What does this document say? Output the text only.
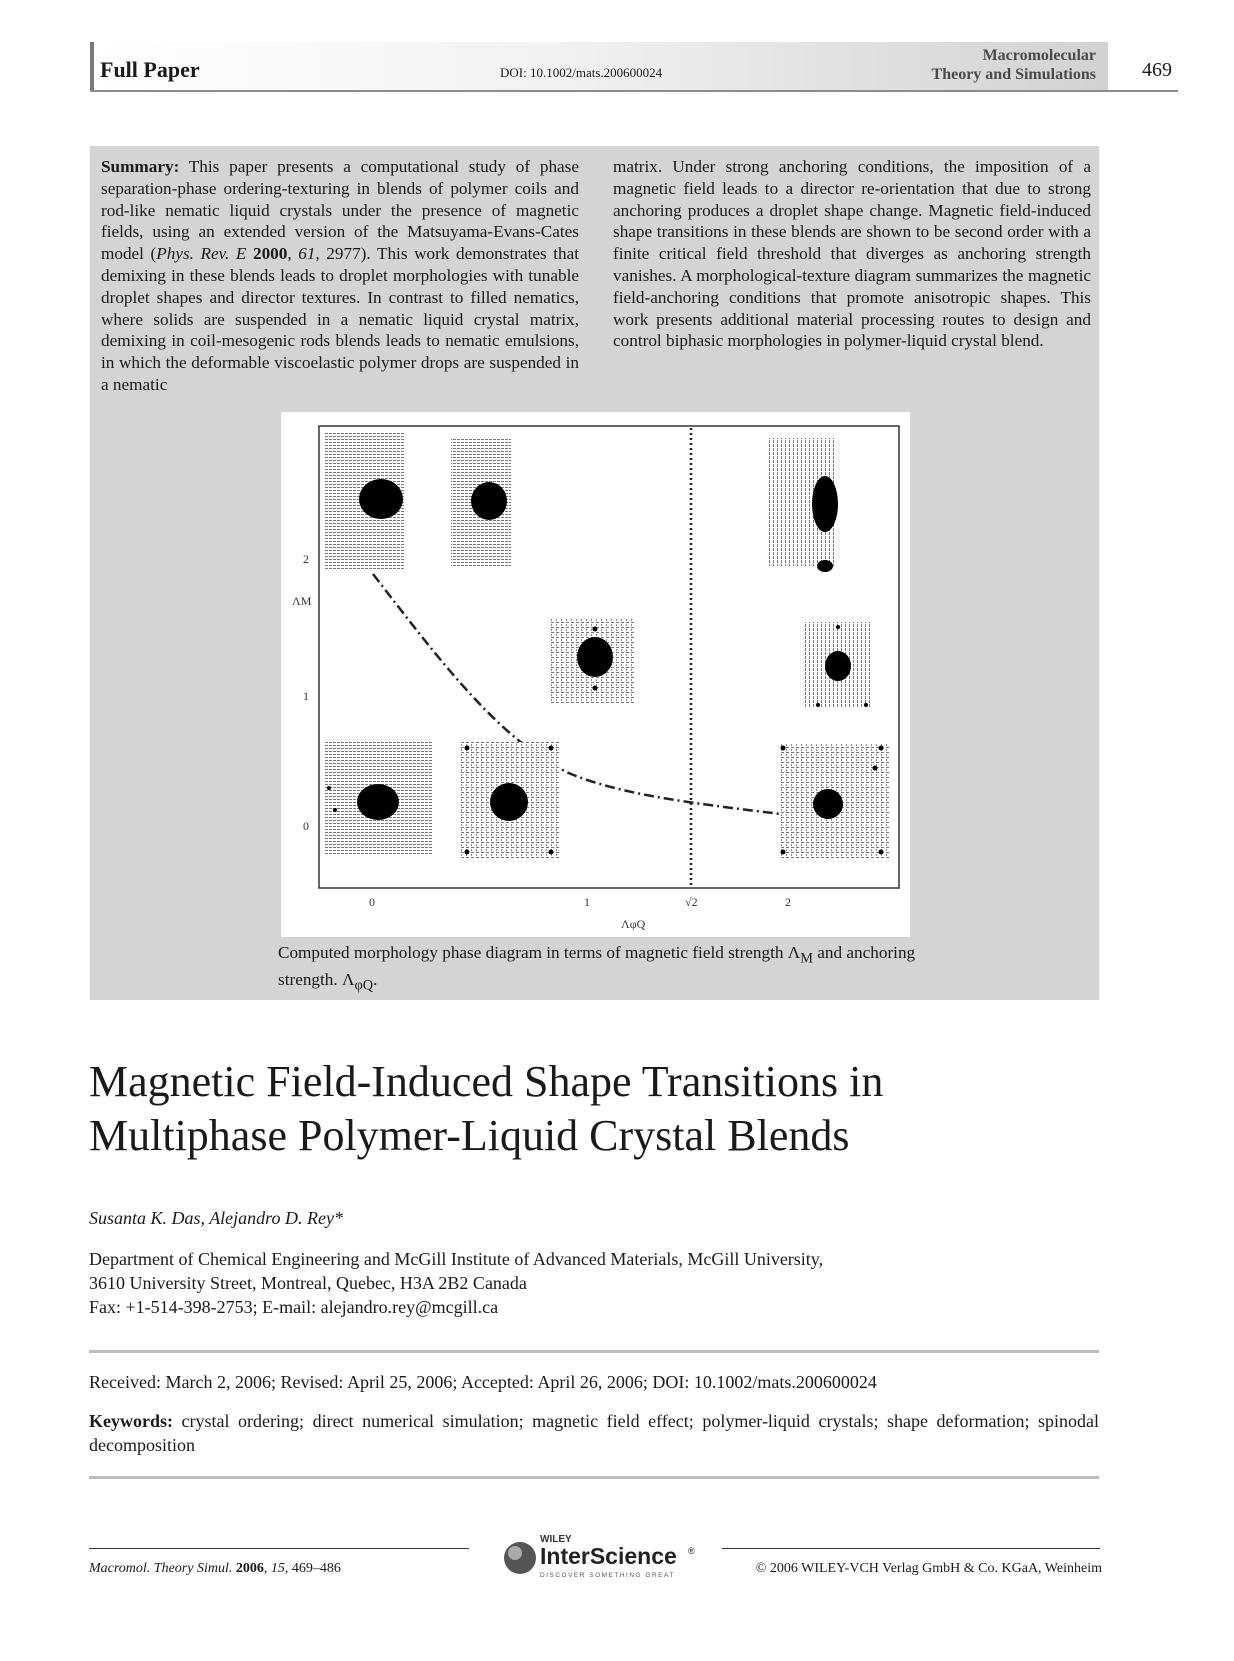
Full Paper	DOI: 10.1002/mats.200600024
Macromolecular
Theory and Simulations 469
Summary: This paper presents a computational study of phase separation-phase ordering-texturing in blends of polymer coils and rod-like nematic liquid crystals under the presence of magnetic fields, using an extended version of the Matsuyama-Evans-Cates model (Phys. Rev. E 2000, 61, 2977). This work demonstrates that demixing in these blends leads to droplet morphologies with tunable droplet shapes and director textures. In contrast to filled nematics, where solids are suspended in a nematic liquid crystal matrix, demixing in coil-mesogenic rods blends leads to nematic emulsions, in which the deformable viscoelastic polymer drops are suspended in a nematic
matrix. Under strong anchoring conditions, the imposition of a magnetic field leads to a director re-orientation that due to strong anchoring produces a droplet shape change. Magnetic field-induced shape transitions in these blends are shown to be second order with a finite critical field threshold that diverges as anchoring strength vanishes. A morphological-texture diagram summarizes the magnetic field-anchoring conditions that promote anisotropic shapes. This work presents additional material processing routes to design and control biphasic morphologies in polymer-liquid crystal blend.
2
1
0
ΛM
0	1	√2	2
ΛφQ
Computed morphology phase diagram in terms of magnetic field strength $\Lambda_M$ and anchoring strength. $\Lambda_{\varphi Q}$.
Magnetic Field-Induced Shape Transitions in Multiphase Polymer-Liquid Crystal Blends
Susanta K. Das, Alejandro D. Rey*
Department of Chemical Engineering and McGill Institute of Advanced Materials, McGill University,
3610 University Street, Montreal, Quebec, H3A 2B2 Canada
Fax: +1-514-398-2753; E-mail: alejandro.rey@mcgill.ca
Received: March 2, 2006; Revised: April 25, 2006; Accepted: April 26, 2006; DOI: 10.1002/mats.200600024
Keywords: crystal ordering; direct numerical simulation; magnetic field effect; polymer-liquid crystals; shape deformation; spinodal decomposition
Macromol. Theory Simul. 2006, 15, 469–486
WILEY
InterScience ®
DISCOVER SOMETHING GREAT	© 2006 WILEY-VCH Verlag GmbH & Co. KGaA, Weinheim
